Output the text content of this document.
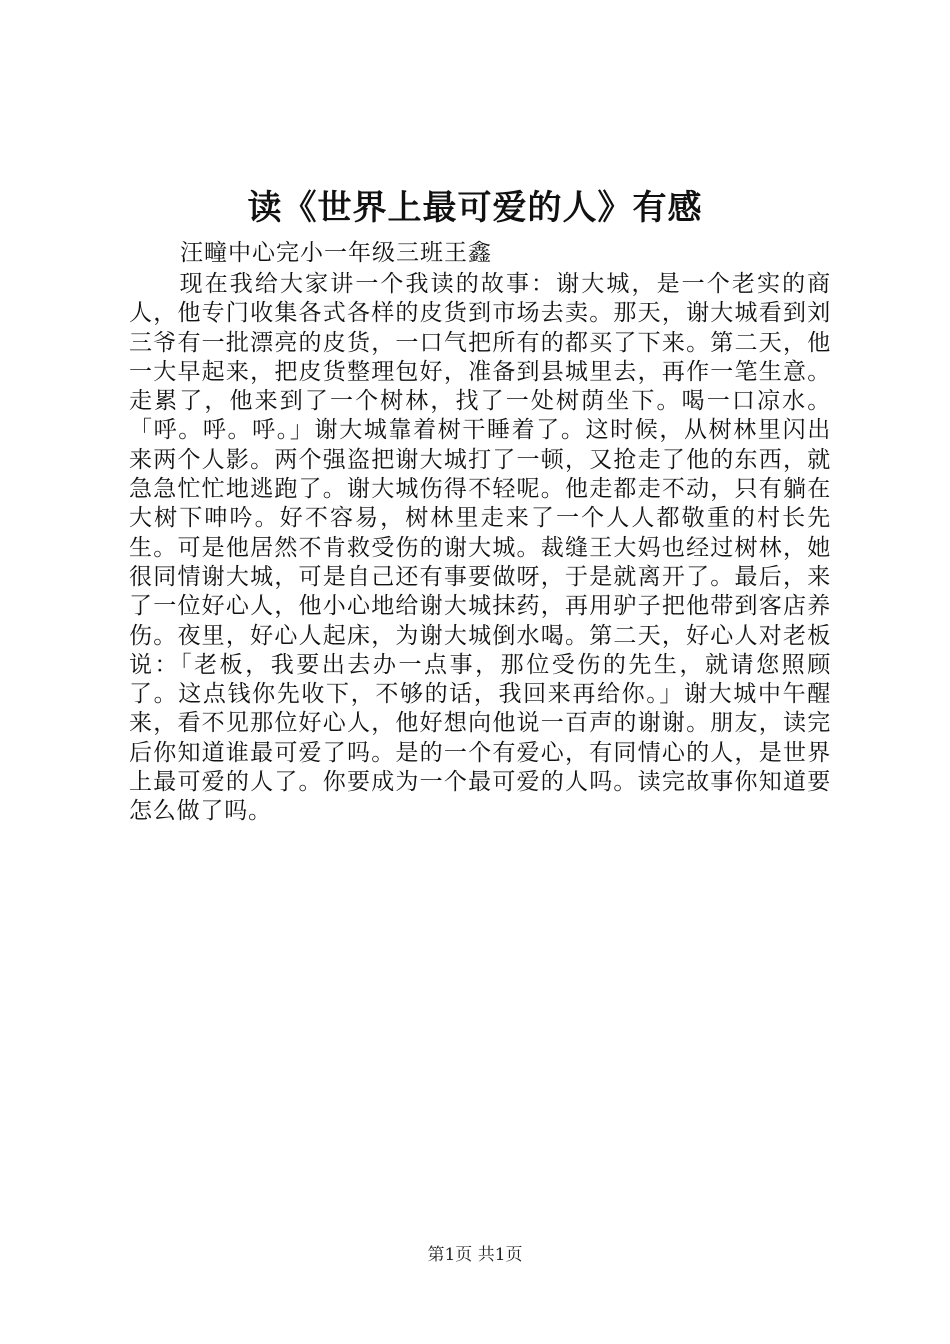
读《世界上最可爱的人》有感
汪疃中心完小一年级三班王鑫

现在我给大家讲一个我读的故事：谢大城，是一个老实的商人，他专门收集各式各样的皮货到市场去卖。那天，谢大城看到刘三爷有一批漂亮的皮货，一口气把所有的都买了下来。第二天，他一大早起来，把皮货整理包好，准备到县城里去，再作一笔生意。走累了，他来到了一个树林，找了一处树荫坐下。喝一口凉水。「呼。呼。呼。」谢大城靠着树干睡着了。这时候，从树林里闪出来两个人影。两个强盗把谢大城打了一顿，又抢走了他的东西，就急急忙忙地逃跑了。谢大城伤得不轻呢。他走都走不动，只有躺在大树下呻吟。好不容易，树林里走来了一个人人都敬重的村长先生。可是他居然不肯救受伤的谢大城。裁缝王大妈也经过树林，她很同情谢大城，可是自己还有事要做呀，于是就离开了。最后，来了一位好心人，他小心地给谢大城抹药，再用驴子把他带到客店养伤。夜里，好心人起床，为谢大城倒水喝。第二天，好心人对老板说：「老板，我要出去办一点事，那位受伤的先生，就请您照顾了。这点钱你先收下，不够的话，我回来再给你。」谢大城中午醒来，看不见那位好心人，他好想向他说一百声的谢谢。朋友，读完后你知道谁最可爱了吗。是的一个有爱心，有同情心的人，是世界上最可爱的人了。你要成为一个最可爱的人吗。读完故事你知道要怎么做了吗。

第1页 共1页
